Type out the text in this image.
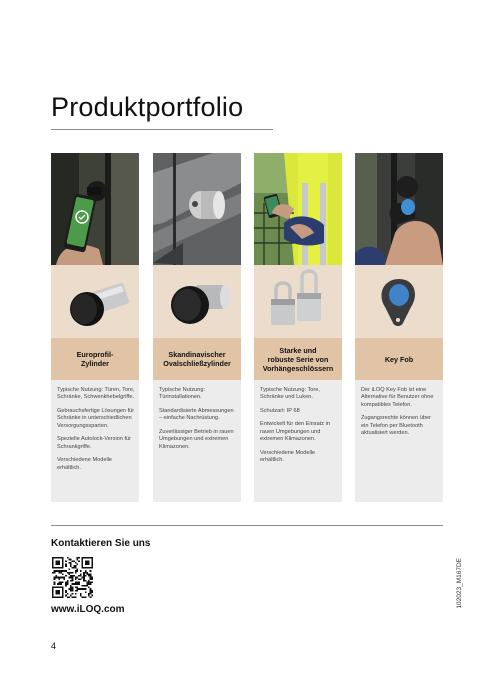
Produktportfolio
Europrofil-
Zylinder

Typische Nutzung: Türen, Tore, Schränke, Schwenkhebelgriffe.

Gebrauchsfertige Lösungen für Schränke in unterschiedlichen Versorgungssparten.

Spezielle Autolock-Version für Schrankgriffe.

Verschiedene Modelle erhältlich.

Skandinavischer
Ovalschließzylinder

Typische Nutzung: Türinstallationen.

Standardisierte Abmessungen – einfache Nachrüstung.

Zuverlässiger Betrieb in rauen Umgebungen und extremen Klimazonen.

Starke und
robuste Serie von
Vorhängeschlössern

Typische Nutzung: Tore, Schränke und Luken.

Schutzart: IP 68

Entwickelt für den Einsatz in rauen Umgebungen und extremen Klimazonen.

Verschiedene Modelle erhältlich.

Key Fob

Der iLOQ Key Fob ist eine Alternative für Benutzer ohne kompatibles Telefon.

Zugangsrechte können über ein Telefon per Bluetooth aktualisiert werden.

Kontaktieren Sie uns
www.iLOQ.com
102023_M167DE
4
